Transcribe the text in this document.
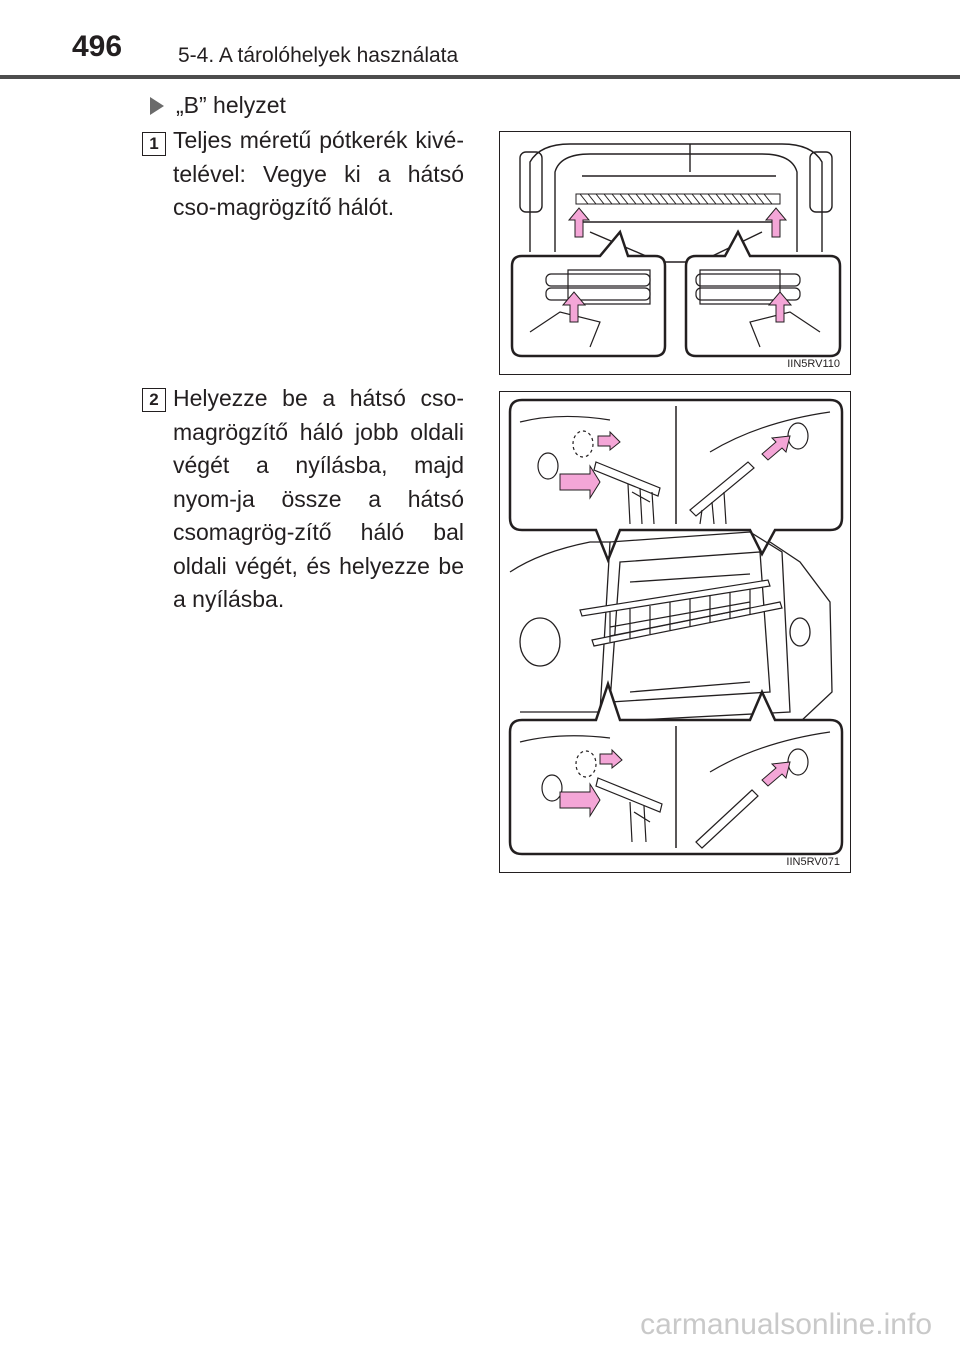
496	5-4. A tárolóhelyek használata
„B” helyzet
1 Teljes méretű pótkerék kivé-telével: Vegye ki a hátsó cso-magrögzítő hálót.
2 Helyezze be a hátsó cso-magrögzítő háló jobb oldali végét a nyílásba, majd nyom-ja össze a hátsó csomagrög-zítő háló bal oldali végét, és helyezze be a nyílásba.
IIN5RV110
IIN5RV071
carmanualsonline.info
